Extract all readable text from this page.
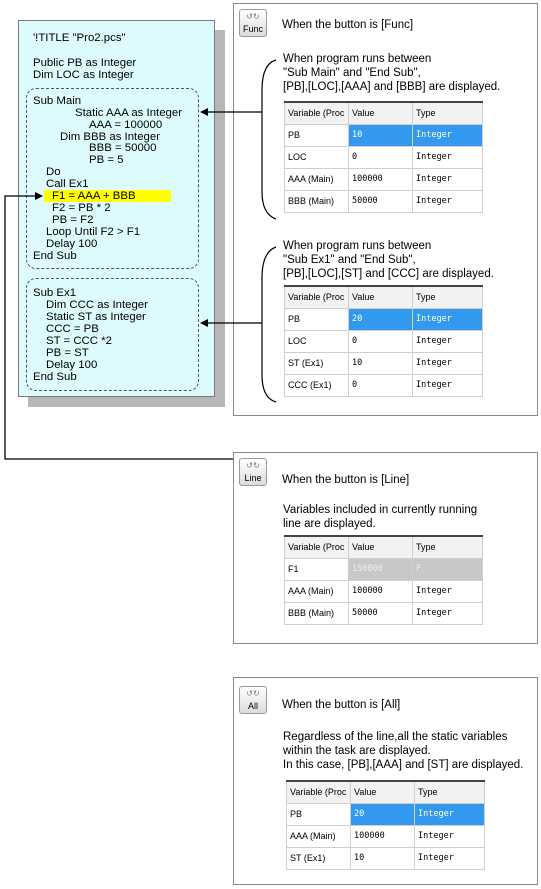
'!TITLE "Pro2.pcs"
Public PB as Integer
Dim LOC as Integer
Sub Main
Static AAA as Integer
AAA = 100000
Dim BBB as Integer
BBB = 50000
PB = 5
Do
Call Ex1
F1 = AAA + BBB
F2 = PB * 2
PB = F2
Loop Until F2 > F1
Delay 100
End Sub
Sub Ex1
Dim CCC as Integer
Static ST as Integer
CCC = PB
ST = CCC *2
PB = ST
Delay 100
End Sub
↺↻
Func When the button is [Func]
When program runs between
"Sub Main" and "End Sub",
[PB],[LOC],[AAA] and [BBB] are displayed.
Variable (Proc	Value	Type
PB	10	Integer
LOC	0	Integer
AAA (Main)	100000	Integer
BBB (Main)	50000	Integer
When program runs between
"Sub Ex1" and "End Sub",
[PB],[LOC],[ST] and [CCC] are displayed.
Variable (Proc	Value	Type
PB	20	Integer
LOC	0	Integer
ST (Ex1)	10	Integer
CCC (Ex1)	0	Integer
↺↻
Line	When the button is [Line]
Variables included in currently running
line are displayed.
Variable (Proc	Value	Type
F1	150000	F
AAA (Main)	100000	Integer
BBB (Main)	50000	Integer
↺↻
All	When the button is [All]
Regardless of the line,all the static variables
within the task are displayed.
In this case, [PB],[AAA] and [ST] are displayed.
Variable (Proc	Value	Type
PB	20	Integer
AAA (Main)	100000	Integer
ST (Ex1)	10	Integer
